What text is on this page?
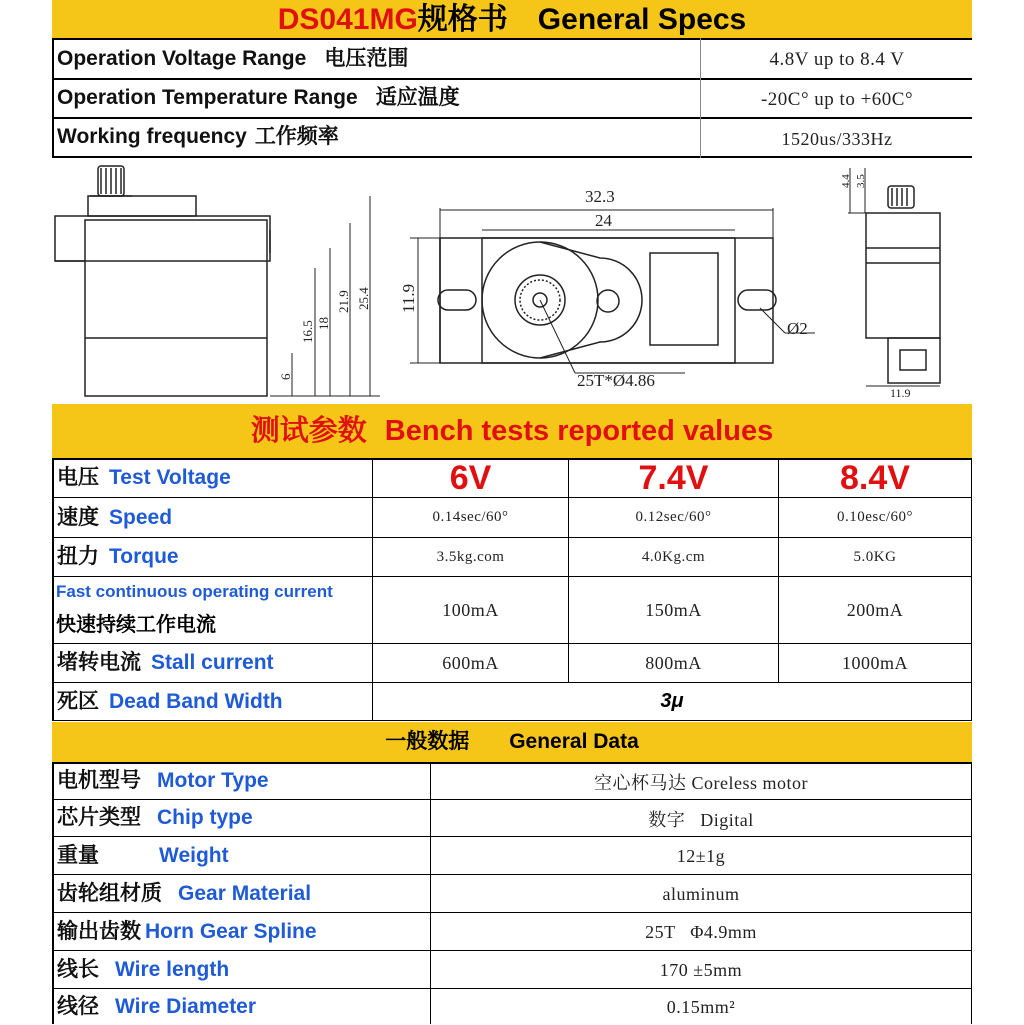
DS041MG规格书 General Specs
Operation Voltage Range 电压范围	4.8V up to 8.4 V
Operation Temperature Range 适应温度	-20C° up to +60C°
Working frequency 工作频率	1520us/333Hz
32.3
24
Ø2
25T*Ø4.86
11.9
6
16.5 18
21.9 25.4
4.4 3.5
11.9
测试参数 Bench tests reported values
电压 Test Voltage	6V	7.4V	8.4V
速度 Speed	0.14sec/60°	0.12sec/60°	0.10esc/60°
扭力 Torque	3.5kg.com	4.0Kg.cm	5.0KG
Fast continuous operating current
快速持续工作电流
100mA	150mA	200mA
堵转电流 Stall current	600mA	800mA	1000mA
死区 Dead Band Width	3μ
一般数据 General Data
电机型号 Motor Type	空心杯马达 Coreless motor
芯片类型 Chip type	数字   Digital
重量	Weight	12±1g
齿轮组材质 Gear Material	aluminum
输出齿数 Horn Gear Spline	25T   Φ4.9mm
线长 Wire length	170 ±5mm
线径 Wire Diameter	0.15mm²
